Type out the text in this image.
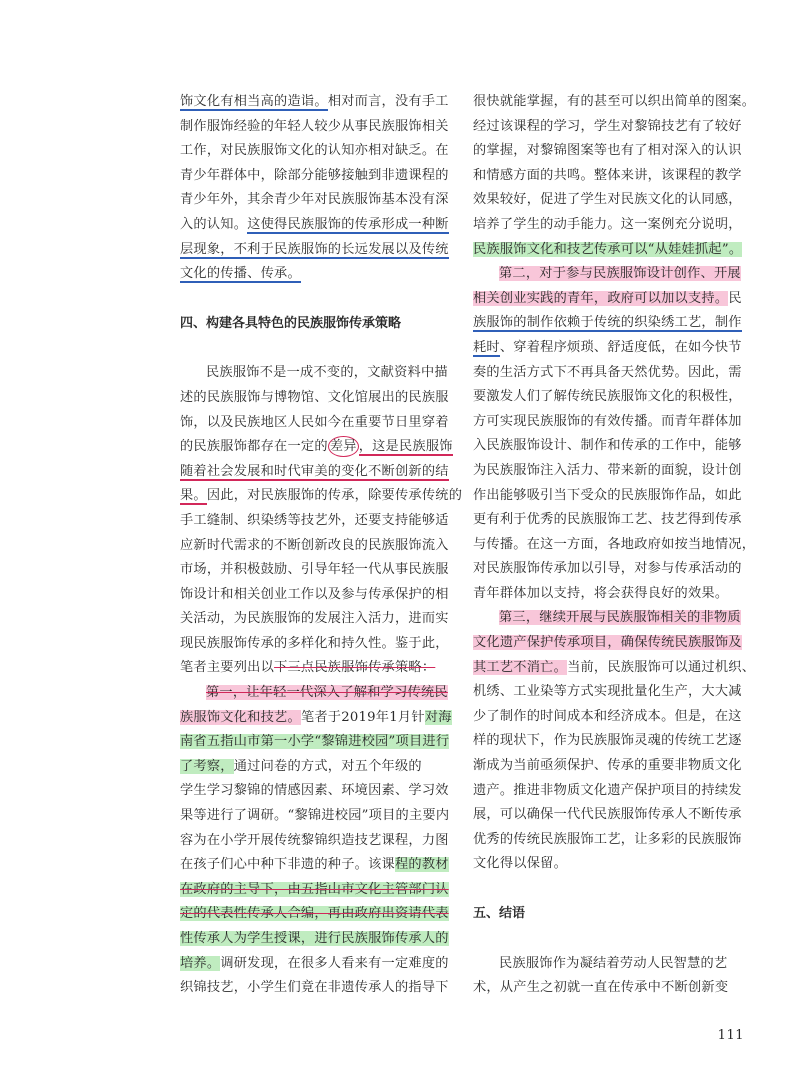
饰文化有相当高的造诣。相对而言，没有手工
制作服饰经验的年轻人较少从事民族服饰相关
工作，对民族服饰文化的认知亦相对缺乏。在
青少年群体中，除部分能够接触到非遗课程的
青少年外，其余青少年对民族服饰基本没有深
入的认知。这使得民族服饰的传承形成一种断
层现象，不利于民族服饰的长远发展以及传统
文化的传播、传承。
四、构建各具特色的民族服饰传承策略
民族服饰不是一成不变的，文献资料中描
述的民族服饰与博物馆、文化馆展出的民族服
饰，以及民族地区人民如今在重要节日里穿着
的民族服饰都存在一定的 差异 ，这是民族服饰
随着社会发展和时代审美的变化不断创新的结
果。因此，对民族服饰的传承，除要传承传统的
手工缝制、织染绣等技艺外，还要支持能够适
应新时代需求的不断创新改良的民族服饰流入
市场，并积极鼓励、引导年轻一代从事民族服
饰设计和相关创业工作以及参与传承保护的相
关活动，为民族服饰的发展注入活力，进而实
现民族服饰传承的多样化和持久性。鉴于此，
笔者主要列出以下三点民族服饰传承策略：
第一，让年轻一代深入了解和学习传统民
族服饰文化和技艺。笔者于2019年1月针对海
南省五指山市第一小学“黎锦进校园”项目进行
了考察，通过问卷的方式，对五个年级的
学生学习黎锦的情感因素、环境因素、学习效
果等进行了调研。“黎锦进校园”项目的主要内
容为在小学开展传统黎锦织造技艺课程，力图
在孩子们心中种下非遗的种子。该课程的教材
在政府的主导下，由五指山市文化主管部门认
定的代表性传承人合编，再由政府出资请代表
性传承人为学生授课，进行民族服饰传承人的
培养。调研发现，在很多人看来有一定难度的
织锦技艺，小学生们竟在非遗传承人的指导下
很快就能掌握，有的甚至可以织出简单的图案。
经过该课程的学习，学生对黎锦技艺有了较好
的掌握，对黎锦图案等也有了相对深入的认识
和情感方面的共鸣。整体来讲，该课程的教学
效果较好，促进了学生对民族文化的认同感，
培养了学生的动手能力。这一案例充分说明，
民族服饰文化和技艺传承可以“从娃娃抓起”。
第二，对于参与民族服饰设计创作、开展
相关创业实践的青年，政府可以加以支持。民
族服饰的制作依赖于传统的织染绣工艺，制作
耗时、穿着程序烦琐、舒适度低，在如今快节
奏的生活方式下不再具备天然优势。因此，需
要激发人们了解传统民族服饰文化的积极性，
方可实现民族服饰的有效传播。而青年群体加
入民族服饰设计、制作和传承的工作中，能够
为民族服饰注入活力、带来新的面貌，设计创
作出能够吸引当下受众的民族服饰作品，如此
更有利于优秀的民族服饰工艺、技艺得到传承
与传播。在这一方面，各地政府如按当地情况，
对民族服饰传承加以引导，对参与传承活动的
青年群体加以支持，将会获得良好的效果。
第三，继续开展与民族服饰相关的非物质
文化遗产保护传承项目，确保传统民族服饰及
其工艺不消亡。当前，民族服饰可以通过机织、
机绣、工业染等方式实现批量化生产，大大减
少了制作的时间成本和经济成本。但是，在这
样的现状下，作为民族服饰灵魂的传统工艺逐
渐成为当前亟须保护、传承的重要非物质文化
遗产。推进非物质文化遗产保护项目的持续发
展，可以确保一代代民族服饰传承人不断传承
优秀的传统民族服饰工艺，让多彩的民族服饰
文化得以保留。
五、结语
民族服饰作为凝结着劳动人民智慧的艺
术，从产生之初就一直在传承中不断创新变
111
